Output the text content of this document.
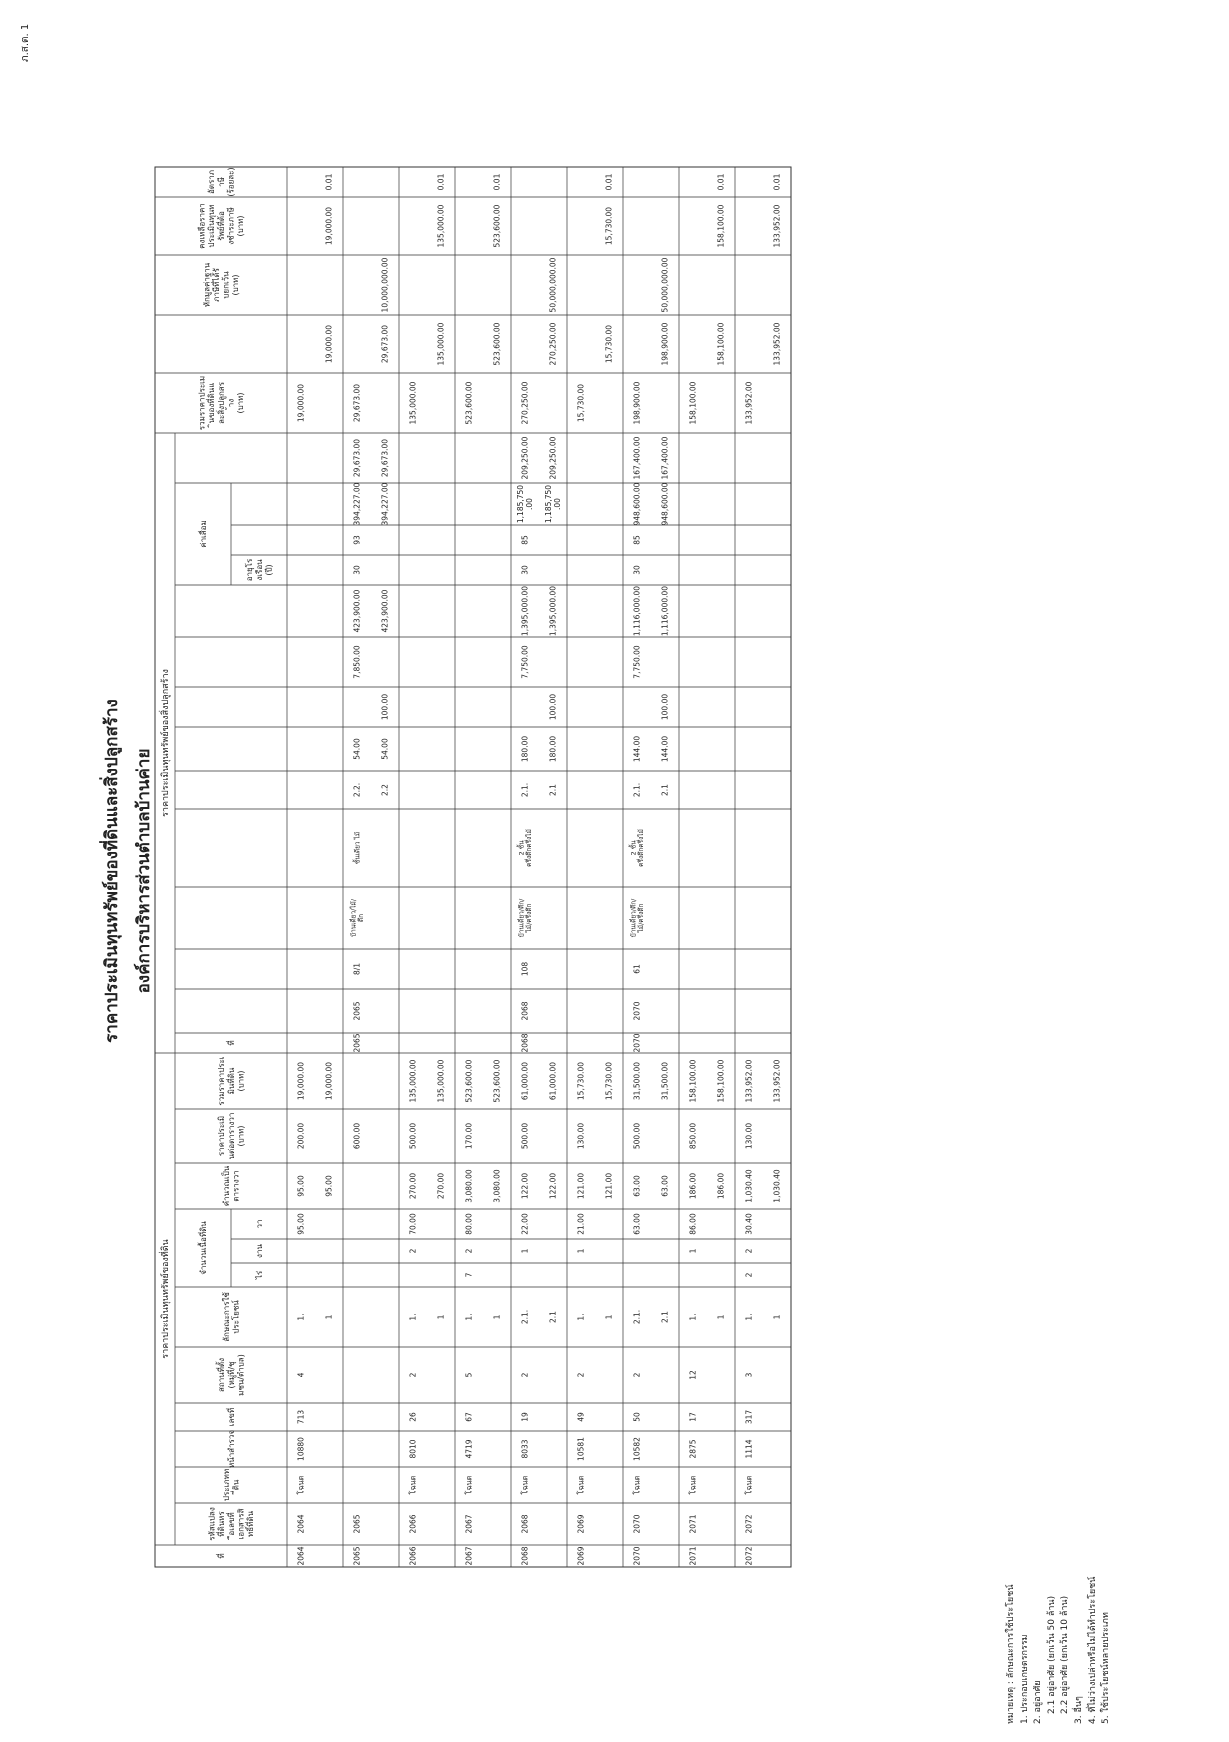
ภ.ส.ต. 1
ราคาประเมินทุนทรัพย์ของที่ดินและสิ่งปลูกสร้าง องค์การบริหารส่วนตำบลบ้านค่าย
ราคาประเมินทุนทรัพย์ของที่ดิน
ราคาประเมินทุนทรัพย์ของสิ่งปลูกสร้าง
ที่
รหัสแปลงที่ดินหรือเลขที่เอกสารสิทธิ์ที่ดิน
ประเภทที่ดิน
หน้าสำรวจ
เลขที่
สถานที่ตั้ง(หมู่ที่/ชุมชน/ตำบล)
ลักษณะการใช้ประโยชน์
ไร่
งาน
วา
คำนวณเป็นตารางวา
ราคาประเมินต่อตารางวา(บาท)
รวมราคาประเมินที่ดิน(บาท)
ที่
อายุโรงเรือน(ปี)
รวมราคาประเมินของที่ดินและสิ่งปลูกสร้าง(บาท)
หักมูลค่าฐานภาษีที่ได้รับยกเว้น(บาท)
คงเหลือราคาประเมินทุนทรัพย์ที่ต้องชำระภาษี(บาท)
อัตราภาษี(ร้อยละ)
จำนวนเนื้อที่ดิน
ค่าเสื่อม
2064
2064
โฉนด
10880
713
4
1.
95.00
95.00
200.00
19,000.00
19,000.00
1
95.00
19,000.00
19,000.00
19,000.00
0.01
2065
2065
600.00
2065
2065
8/1
บ้านเดี่ยว/ไม้/ตึก
ชั้นเดียว ไม้
2.2.
54.00
7,850.00
423,900.00
30
93
394,227.00
29,673.00
29,673.00
2.2
54.00
100.00
423,900.00
394,227.00
29,673.00
29,673.00
10,000,000.00
2066
2066
โฉนด
8010
26
2
1.
2
70.00
270.00
500.00
135,000.00
135,000.00
1
270.00
135,000.00
135,000.00
135,000.00
0.01
2067
2067
โฉนด
4719
67
5
1.
7
2
80.00
3,080.00
170.00
523,600.00
523,600.00
1
3,080.00
523,600.00
523,600.00
523,600.00
0.01
2068
2068
โฉนด
8033
19
2
2.1.
1
22.00
122.00
500.00
61,000.00
2068
2068
108
บ้านเดี่ยว/ตึก/ไม้/ครึ่งตึก
2 ชั้นครึ่งตึกครึ่งไม้
2.1.
180.00
7,750.00
1,395,000.00
30
85
1,185,750.00
209,250.00
270,250.00
2.1
122.00
61,000.00
2.1
180.00
100.00
1,395,000.00
1,185,750.00
209,250.00
270,250.00
50,000,000.00
2069
2069
โฉนด
10581
49
2
1.
1
21.00
121.00
130.00
15,730.00
15,730.00
1
121.00
15,730.00
15,730.00
15,730.00
0.01
2070
2070
โฉนด
10582
50
2
2.1.
63.00
63.00
500.00
31,500.00
2070
2070
61
บ้านเดี่ยว/ตึก/ไม้/ครึ่งตึก
2 ชั้นครึ่งตึกครึ่งไม้
2.1.
144.00
7,750.00
1,116,000.00
30
85
948,600.00
167,400.00
198,900.00
2.1
63.00
31,500.00
2.1
144.00
100.00
1,116,000.00
948,600.00
167,400.00
198,900.00
50,000,000.00
2071
2071
โฉนด
2875
17
12
1.
1
86.00
186.00
850.00
158,100.00
158,100.00
1
186.00
158,100.00
158,100.00
158,100.00
0.01
2072
2072
โฉนด
1114
317
3
1.
2
2
30.40
1,030.40
130.00
133,952.00
133,952.00
1
1,030.40
133,952.00
133,952.00
133,952.00
0.01
หมายเหตุ : ลักษณะการใช้ประโยชน์ 1. ประกอบเกษตรกรรม 2. อยู่อาศัย 2.1 อยู่อาศัย (ยกเว้น 50 ล้าน) 2.2 อยู่อาศัย (ยกเว้น 10 ล้าน) 3. อื่นๆ 4. ที่ไม่ว่างเปล่าหรือไม่ได้ทำประโยชน์ 5. ใช้ประโยชน์หลายประเภท
